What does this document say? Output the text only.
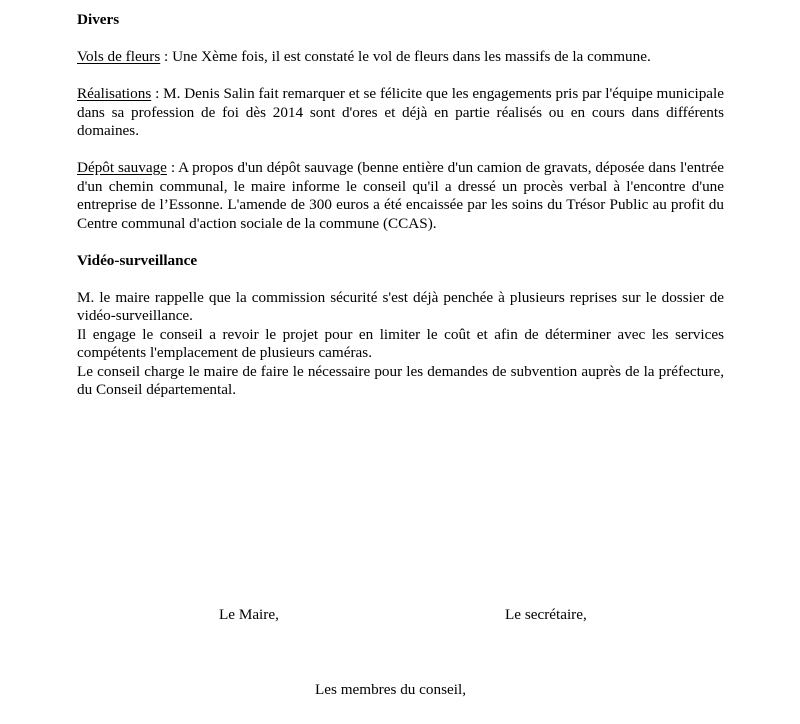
Divers

Vols de fleurs : Une Xème fois, il est constaté le vol de fleurs dans les massifs de la commune.

Réalisations : M. Denis Salin fait remarquer et se félicite que les engagements pris par l'équipe municipale dans sa profession de foi dès 2014 sont d'ores et déjà en partie réalisés ou en cours dans différents domaines.

Dépôt sauvage : A propos d'un dépôt sauvage (benne entière d'un camion de gravats, déposée dans l'entrée d'un chemin communal, le maire informe le conseil qu'il a dressé un procès verbal à l'encontre d'une entreprise de l’Essonne. L'amende de 300 euros a été encaissée par les soins du Trésor Public au profit du Centre communal d'action sociale de la commune (CCAS).

Vidéo-surveillance

M. le maire rappelle que la commission sécurité s'est déjà penchée à plusieurs reprises sur le dossier de vidéo-surveillance.

Il engage le conseil a revoir le projet pour en limiter le coût et afin de déterminer avec les services compétents l'emplacement de plusieurs caméras.

Le conseil charge le maire de faire le nécessaire pour les demandes de subvention auprès de la préfecture, du Conseil départemental.

Le Maire,	Le secrétaire,
Les membres du conseil,
